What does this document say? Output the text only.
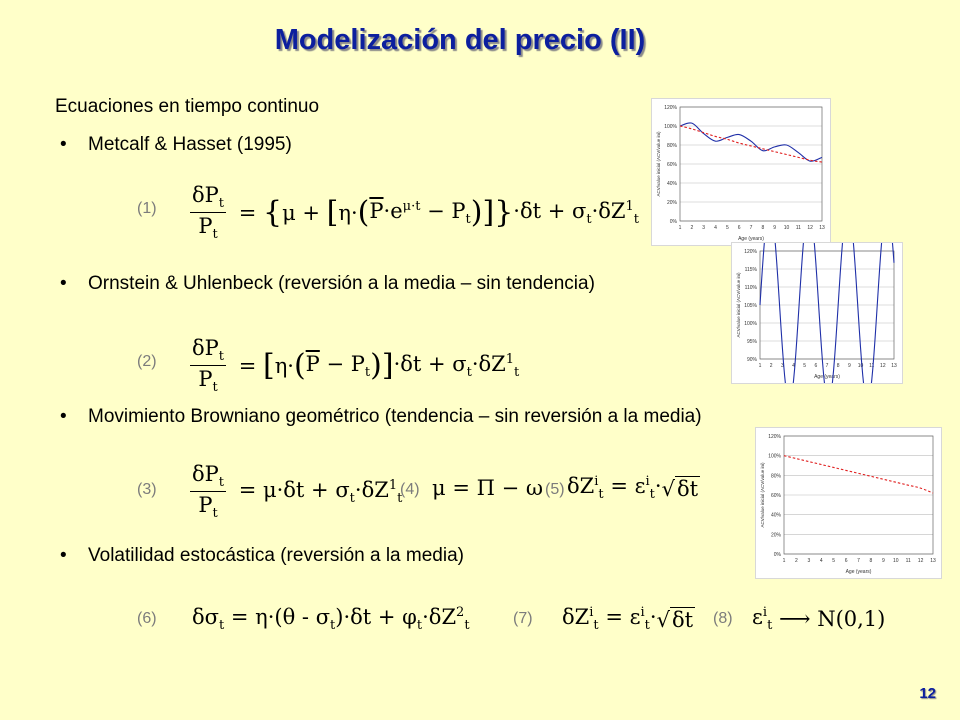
Modelización del precio (II)
Ecuaciones en tiempo continuo
• Metcalf & Hasset (1995)
• Ornstein & Uhlenbeck (reversión a la media – sin tendencia)
• Movimiento Browniano geométrico (tendencia – sin reversión a la media)
• Volatilidad estocástica (reversión a la media)
(1)
(2)
(3)	(4)	(5)
(6)	(7)	(8)
$\frac{\delta P_t}{P_t}$ = { μ + [ η· ( $\overline{P}\cdot e^{\mu\cdot t} - P_t$ ) ] } $\cdot\delta t + \sigma_t\cdot\delta Z^1_t$
$\frac{\delta P_t}{P_t}$ = [ η· ( $\overline{P} - P_t$ ) ] $\cdot\delta t + \sigma_t\cdot\delta Z^1_t$
$\frac{\delta P_t}{P_t} = \mu\cdot\delta t + \sigma_t\cdot\delta Z^1_t$ μ = Π − ω $\delta Z^i_t = \varepsilon^i_t\cdot$ √ δt
$\delta\sigma_t = \eta\cdot(\theta - \sigma_t)\cdot\delta t + \varphi_t\cdot\delta Z^2_t$	$\delta Z^i_t = \varepsilon^i_t\cdot$ √ δt	$\varepsilon^i_t$ ⟶ N(0,1)
0%
20%
40%
60%
80%
100%
120%
1 2 3 4 5 6 7 8 9 10 11 12 13
Age (years)
ACV/value inicial (ACV/value ini)
90%
95%
100%
105%
110%
115%
120%
1 2 3 4 5 6 7 8 9 10 11 12 13
Age (years)
ACV/value inicial (ACV/value ini)
0%
20%
40%
60%
80%
100%
120%
1 2 3 4 5 6 7 8 9 10 11 12 13
Age (years)
ACV/value inicial (ACV/value ini)
12
